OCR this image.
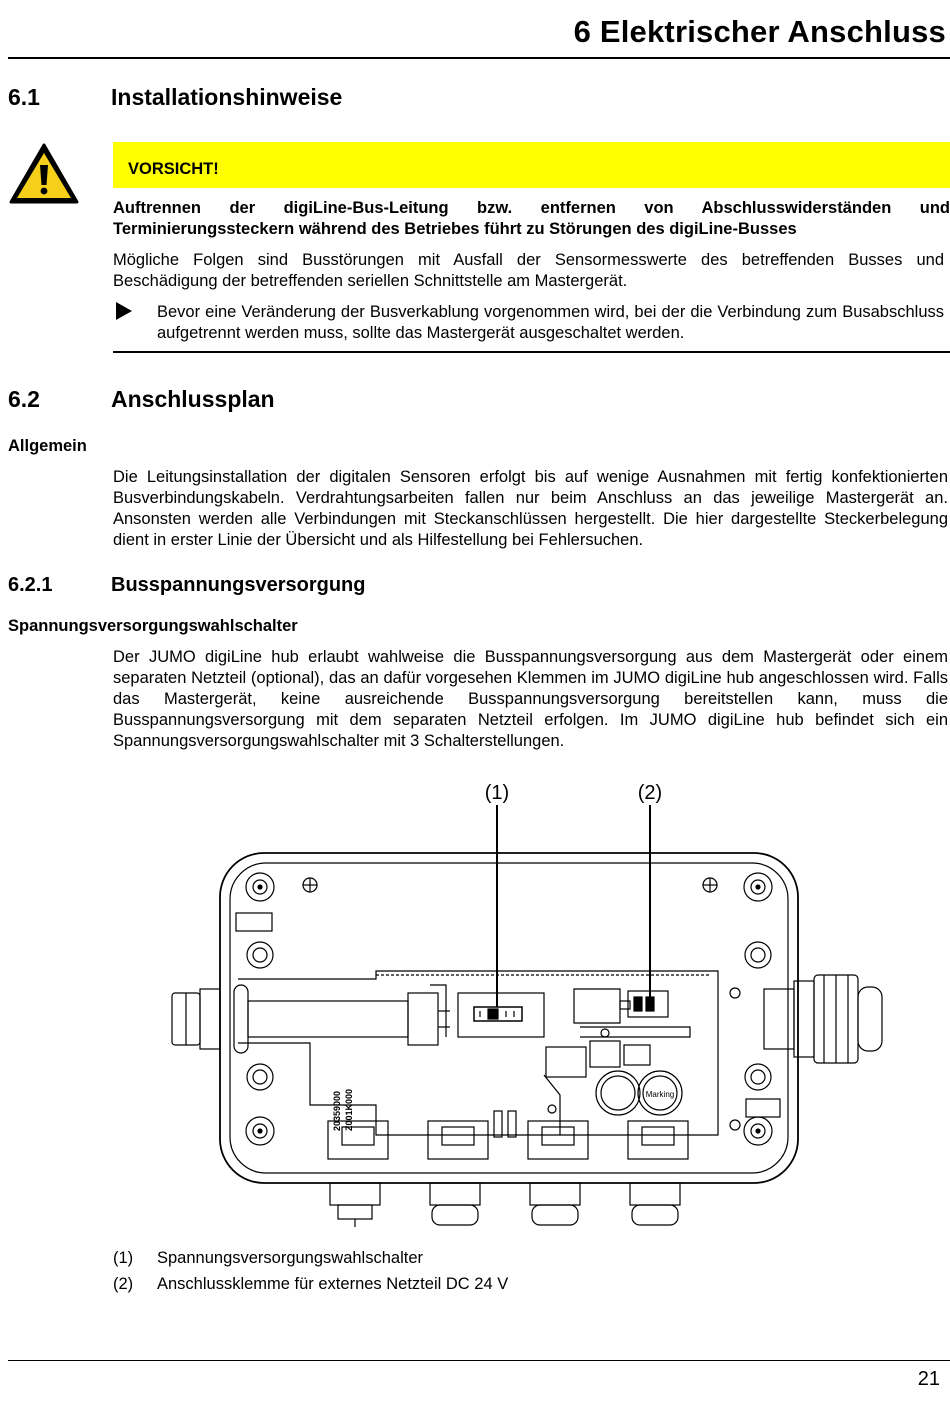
6 Elektrischer Anschluss
6.1	Installationshinweise
VORSICHT!
Auftrennen der digiLine-Bus-Leitung bzw. entfernen von Abschlusswiderständen und Terminierungssteckern während des Betriebes führt zu Störungen des digiLine-Busses
Mögliche Folgen sind Busstörungen mit Ausfall der Sensormesswerte des betreffenden Busses und Beschädigung der betreffenden seriellen Schnittstelle am Mastergerät.
Bevor eine Veränderung der Busverkablung vorgenommen wird, bei der die Verbindung zum Busabschluss aufgetrennt werden muss, sollte das Mastergerät ausgeschaltet werden.
6.2	Anschlussplan
Allgemein
Die Leitungsinstallation der digitalen Sensoren erfolgt bis auf wenige Ausnahmen mit fertig konfektionierten Busverbindungskabeln. Verdrahtungsarbeiten fallen nur beim Anschluss an das jeweilige Mastergerät an. Ansonsten werden alle Verbindungen mit Steckanschlüssen hergestellt. Die hier dargestellte Steckerbelegung dient in erster Linie der Übersicht und als Hilfestellung bei Fehlersuchen.
6.2.1	Busspannungsversorgung
Spannungsversorgungswahlschalter
Der JUMO digiLine hub erlaubt wahlweise die Busspannungsversorgung aus dem Mastergerät oder einem separaten Netzteil (optional), das an dafür vorgesehen Klemmen im JUMO digiLine hub angeschlossen wird. Falls das Mastergerät, keine ausreichende Busspannungsversorgung bereitstellen kann, muss die Busspannungsversorgung mit dem separaten Netzteil erfolgen. Im JUMO digiLine hub befindet sich ein Spannungsversorgungswahlschalter mit 3 Schalterstellungen.
(1)	(2)
20359000 Z001K000	Marking
(1) Spannungsversorgungswahlschalter
(2) Anschlussklemme für externes Netzteil DC 24 V
21
